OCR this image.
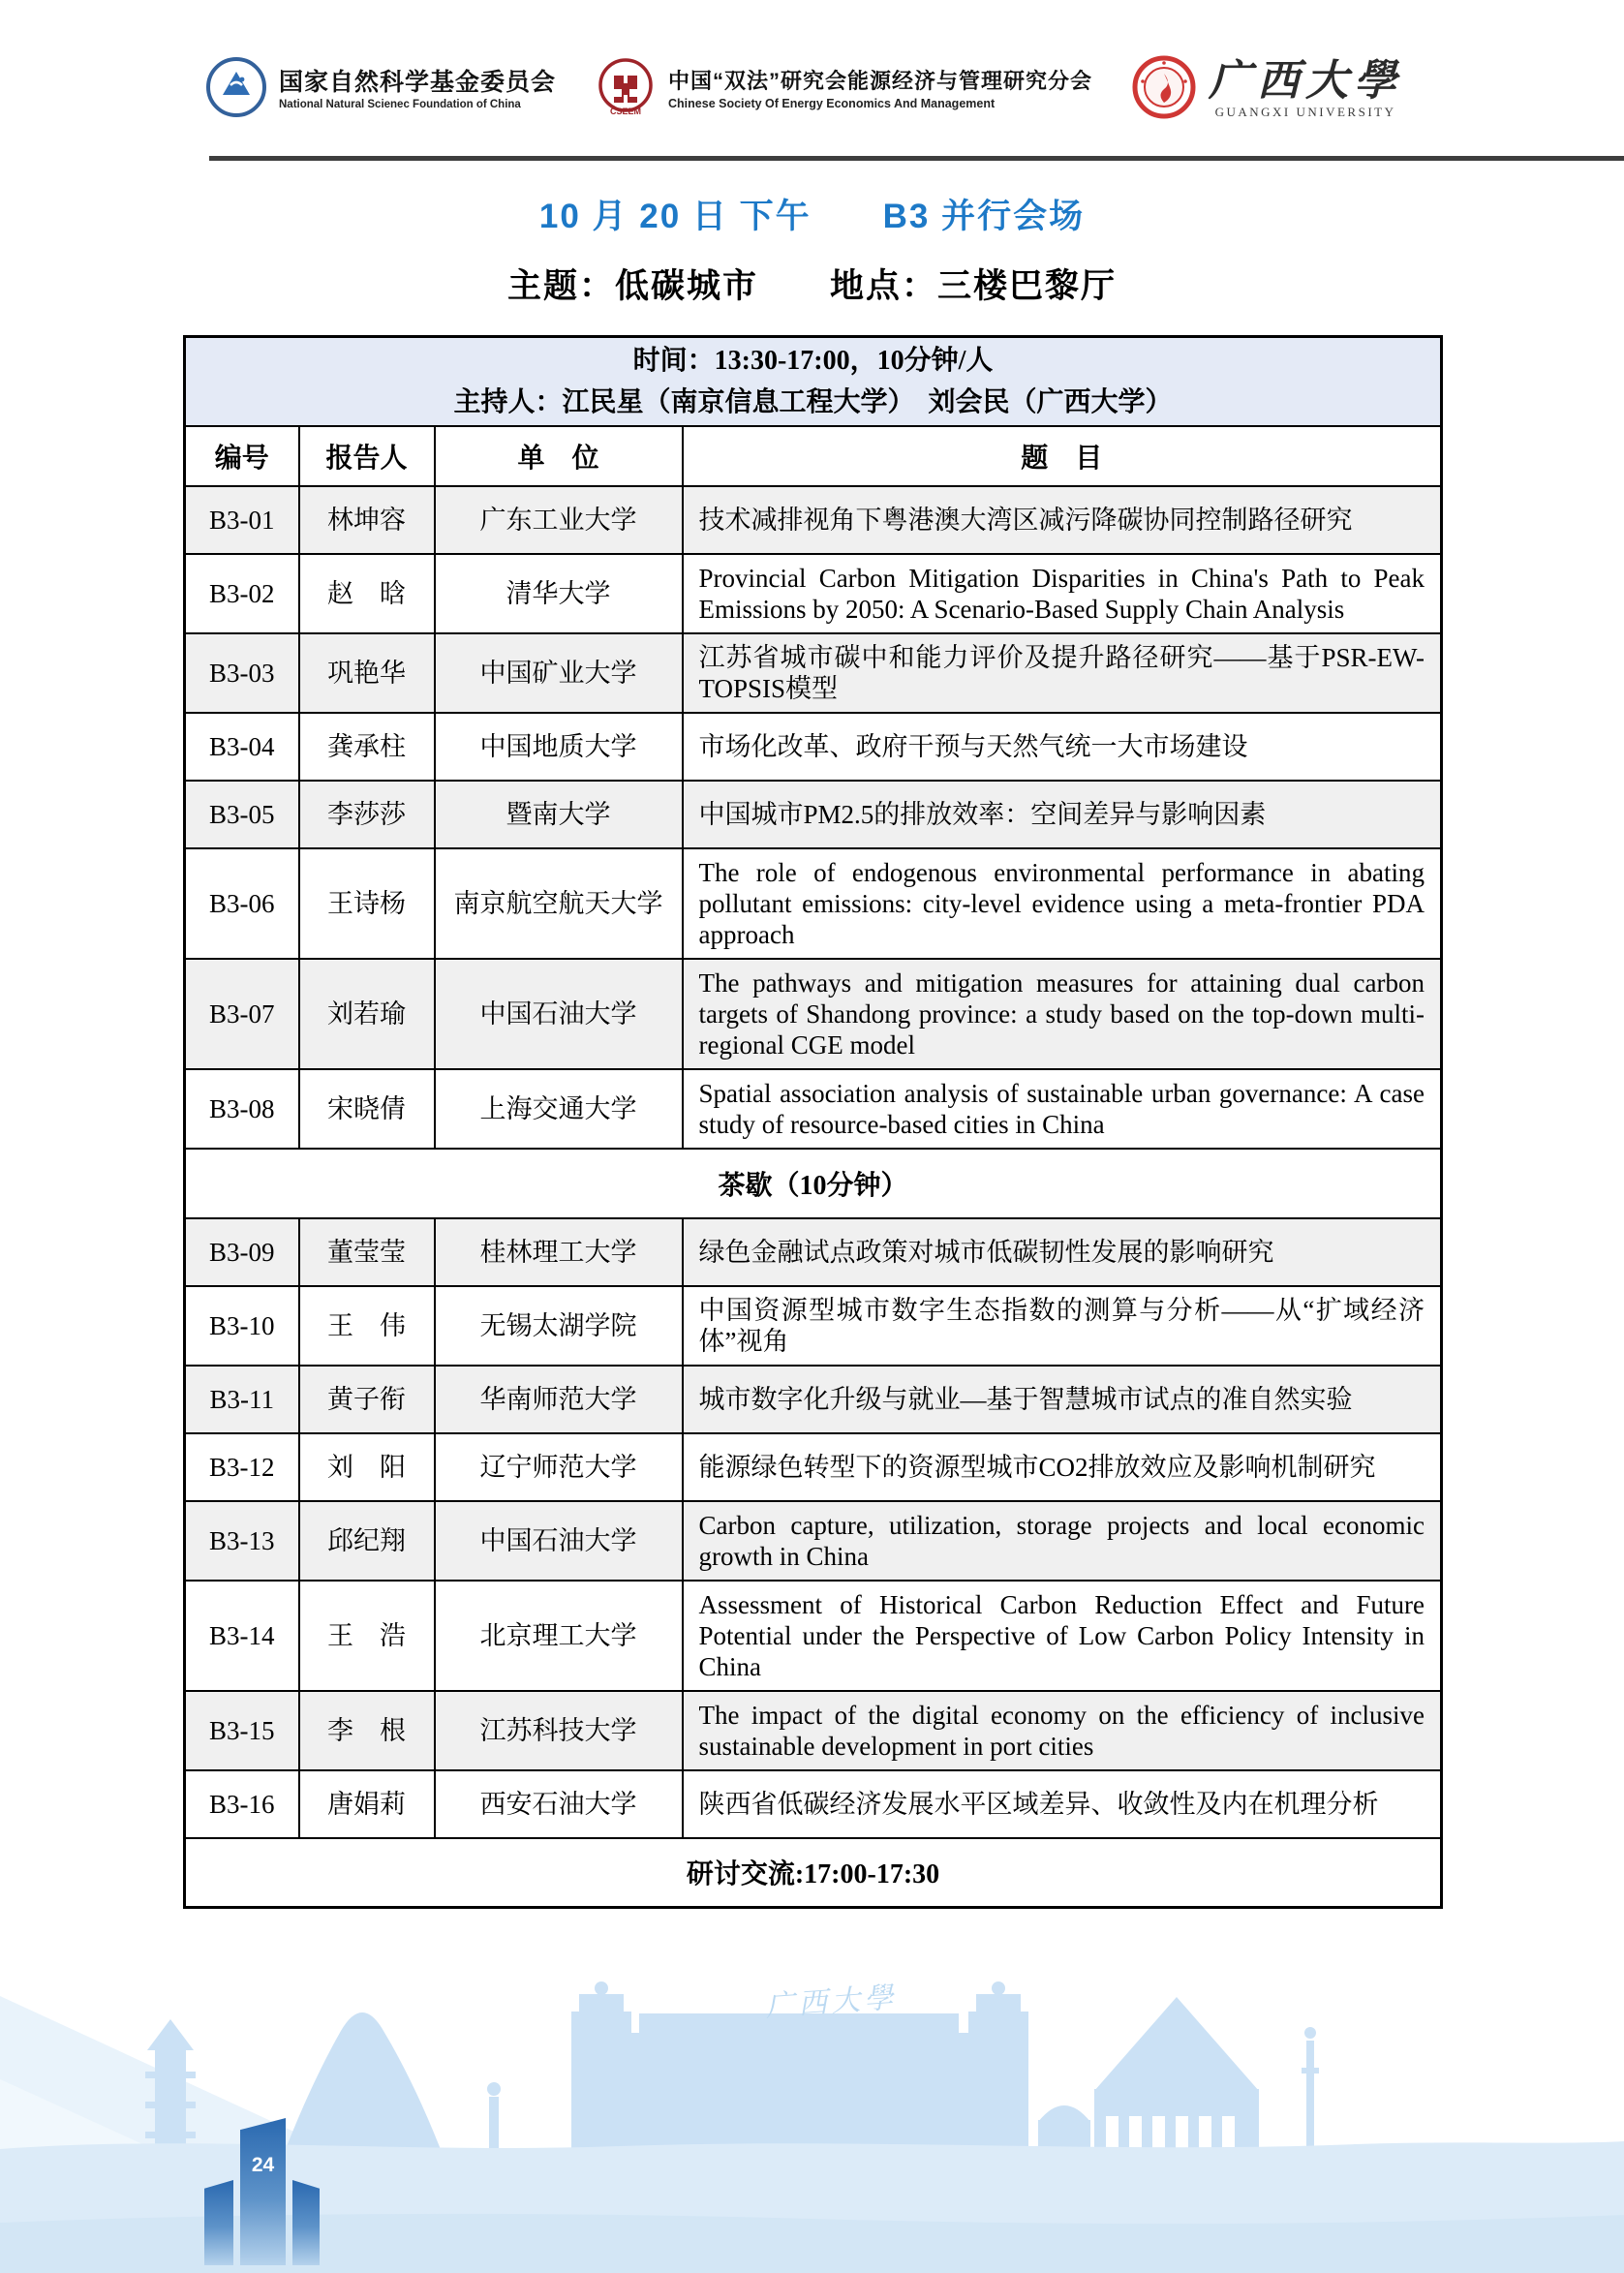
广西大學
24
国家自然科学基金委员会
National Natural Scienec Foundation of China
CSEEM
中国“双法”研究会能源经济与管理研究分会
Chinese Society Of Energy Economics And Management	广西大學
GUANGXI UNIVERSITY
10 月 20 日 下午　　B3 并行会场
主题：低碳城市　　地点：三楼巴黎厅
时间：13:30-17:00，10分钟/人
主持人：江民星（南京信息工程大学）　刘会民（广西大学）			

编号	报告人	单　位	题　目
B3-01	林坤容	广东工业大学	技术减排视角下粤港澳大湾区减污降碳协同控制路径研究
B3-02	赵　晗	清华大学	Provincial Carbon Mitigation Disparities in China's Path to Peak Emissions by 2050: A Scenario-Based Supply Chain Analysis
B3-03	巩艳华	中国矿业大学	江苏省城市碳中和能力评价及提升路径研究——基于PSR-EW-TOPSIS模型
B3-04	龚承柱	中国地质大学	市场化改革、政府干预与天然气统一大市场建设
B3-05	李莎莎	暨南大学	中国城市PM2.5的排放效率：空间差异与影响因素
B3-06	王诗杨	南京航空航天大学	The role of endogenous environmental performance in abating pollutant emissions: city-level evidence using a meta-frontier PDA approach
B3-07	刘若瑜	中国石油大学	The pathways and mitigation measures for attaining dual carbon targets of Shandong province: a study based on the top-down multi-regional CGE model
B3-08	宋晓倩	上海交通大学	Spatial association analysis of sustainable urban governance: A case study of resource-based cities in China
茶歇（10分钟）			
B3-09	董莹莹	桂林理工大学	绿色金融试点政策对城市低碳韧性发展的影响研究
B3-10	王　伟	无锡太湖学院	中国资源型城市数字生态指数的测算与分析——从“扩域经济体”视角
B3-11	黄子衔	华南师范大学	城市数字化升级与就业—基于智慧城市试点的准自然实验
B3-12	刘　阳	辽宁师范大学	能源绿色转型下的资源型城市CO2排放效应及影响机制研究
B3-13	邱纪翔	中国石油大学	Carbon capture, utilization, storage projects and local economic growth in China
B3-14	王　浩	北京理工大学	Assessment of Historical Carbon Reduction Effect and Future Potential under the Perspective of Low Carbon Policy Intensity in China
B3-15	李　根	江苏科技大学	The impact of the digital economy on the efficiency of inclusive sustainable development in port cities
B3-16	唐娟莉	西安石油大学	陕西省低碳经济发展水平区域差异、收敛性及内在机理分析
研讨交流:17:00-17:30			
